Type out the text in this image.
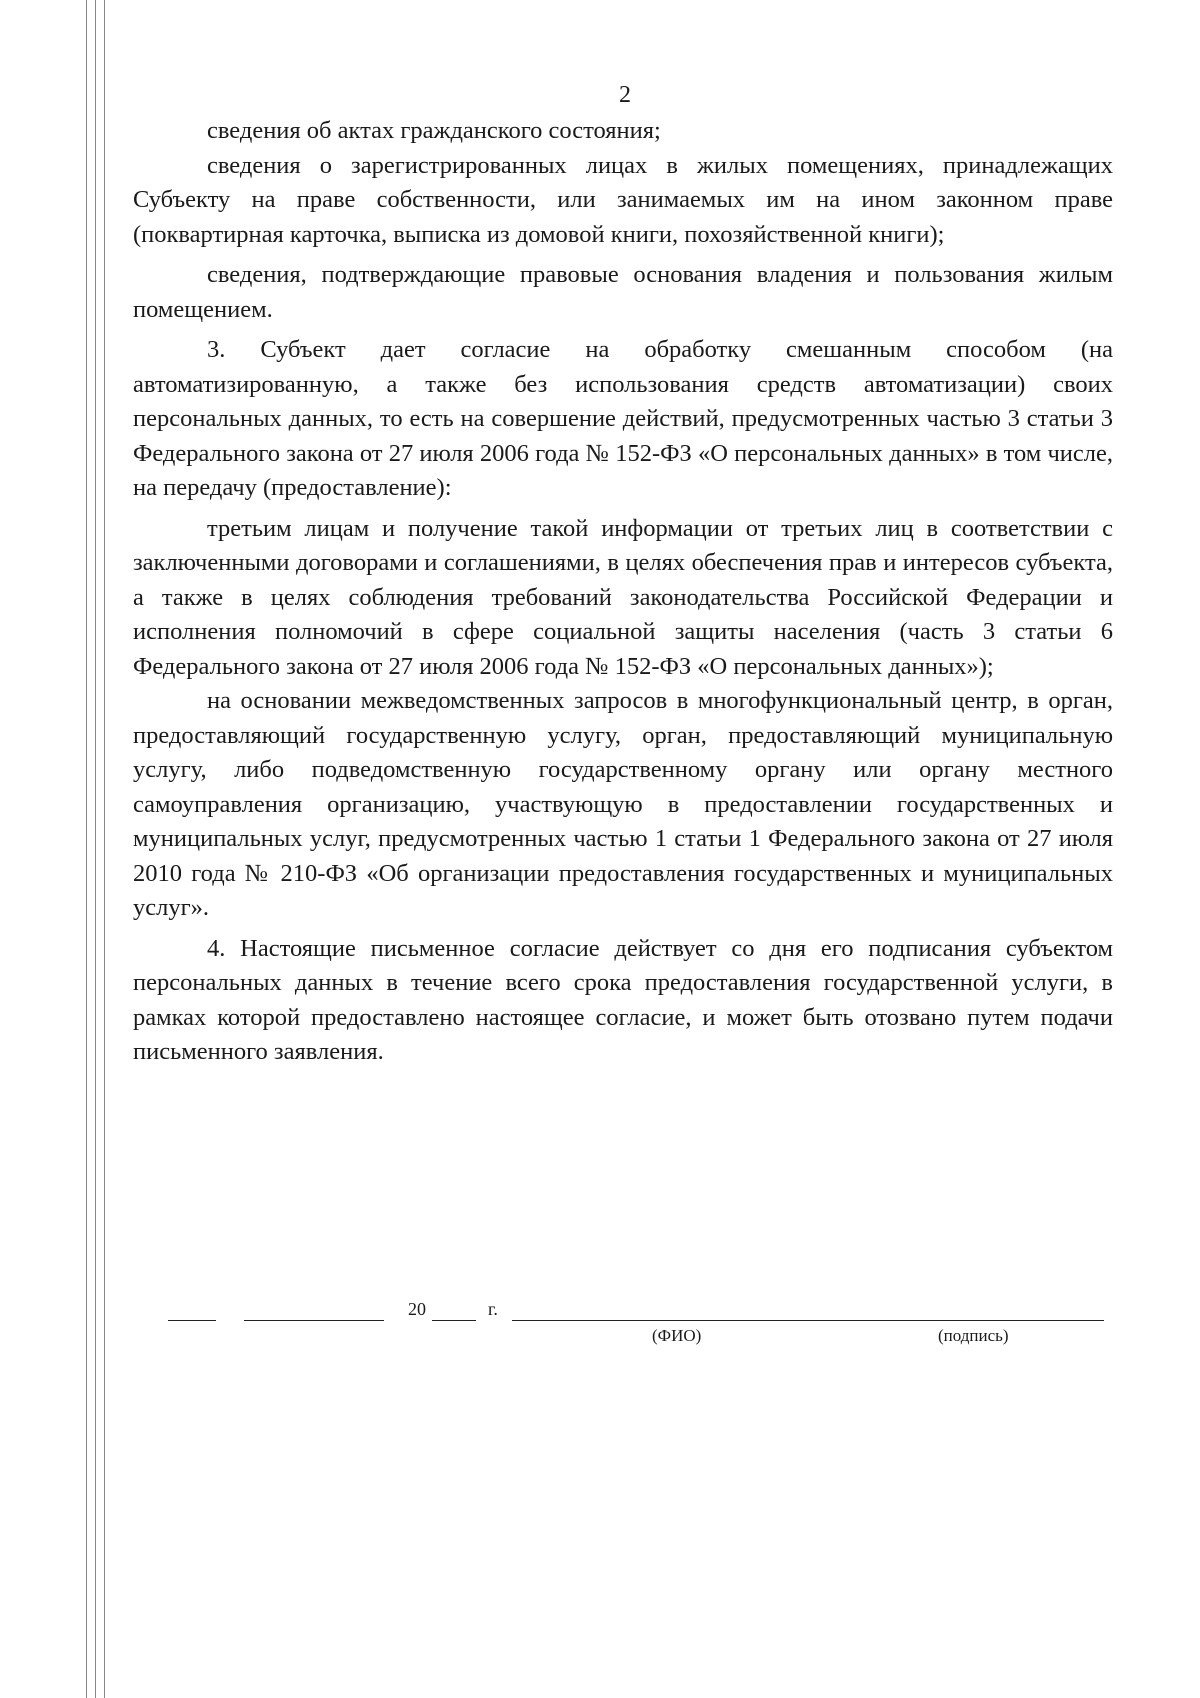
2

сведения об актах гражданского состояния;

сведения о зарегистрированных лицах в жилых помещениях, принадлежащих Субъекту на праве собственности, или занимаемых им на ином законном праве (поквартирная карточка, выписка из домовой книги, похозяйственной книги);

сведения, подтверждающие правовые основания владения и пользования жилым помещением.

3. Субъект дает согласие на обработку смешанным способом (на автоматизированную, а также без использования средств автоматизации) своих персональных данных, то есть на совершение действий, предусмотренных частью 3 статьи 3 Федерального закона от 27 июля 2006 года № 152-ФЗ «О персональных данных» в том числе, на передачу (предоставление):

третьим лицам и получение такой информации от третьих лиц в соответствии с заключенными договорами и соглашениями, в целях обеспечения прав и интересов субъекта, а также в целях соблюдения требований законодательства Российской Федерации и исполнения полномочий в сфере социальной защиты населения (часть 3 статьи 6 Федерального закона от 27 июля 2006 года № 152-ФЗ «О персональных данных»);

на основании межведомственных запросов в многофункциональный центр, в орган, предоставляющий государственную услугу, орган, предоставляющий муниципальную услугу, либо подведомственную государственному органу или органу местного самоуправления организацию, участвующую в предоставлении государственных и муниципальных услуг, предусмотренных частью 1 статьи 1 Федерального закона от 27 июля 2010 года № 210-ФЗ «Об организации предоставления государственных и муниципальных услуг».

4. Настоящие письменное согласие действует со дня его подписания субъектом персональных данных в течение всего срока предоставления государственной услуги, в рамках которой предоставлено настоящее согласие, и может быть отозвано путем подачи письменного заявления.

20	г.
(ФИО)	(подпись)
